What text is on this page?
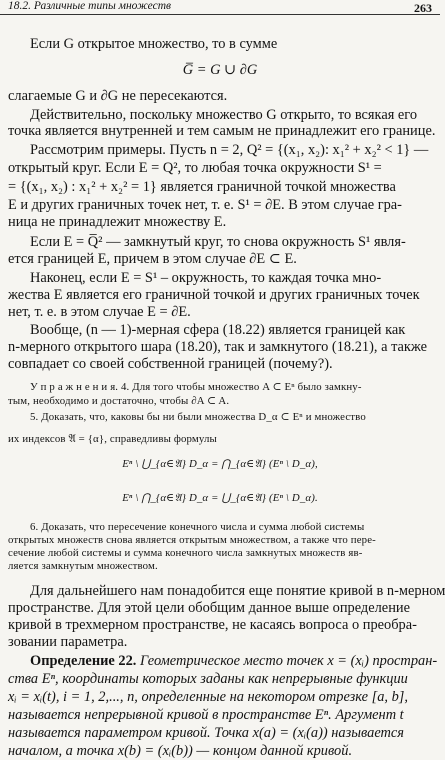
18.2. Различные типы множеств	263
Если G открытое множество, то в сумме
G̅ = G ∪ ∂G
слагаемые G и ∂G не пересекаются.
Действительно, поскольку множество G открыто, то всякая его
точка является внутренней и тем самым не принадлежит его границе.
Рассмотрим примеры. Пусть n = 2, Q² = {(x₁, x₂): x₁² + x₂² < 1} —
открытый круг. Если E = Q², то любая точка окружности S¹ =
= {(x₁, x₂) : x₁² + x₂² = 1} является граничной точкой множества
E и других граничных точек нет, т. е. S¹ = ∂E. В этом случае гра-
ница не принадлежит множеству E.
Если E = Q̅² — замкнутый круг, то снова окружность S¹ явля-
ется границей E, причем в этом случае ∂E ⊂ E.
Наконец, если E = S¹ – окружность, то каждая точка мно-
жества E является его граничной точкой и других граничных точек
нет, т. е. в этом случае E = ∂E.
Вообще, (n — 1)-мерная сфера (18.22) является границей как
n-мерного открытого шара (18.20), так и замкнутого (18.21), а также
совпадает со своей собственной границей (почему?).
У п р а ж н е н и я. 4. Для того чтобы множество A ⊂ Eⁿ было замкну-
тым, необходимо и достаточно, чтобы ∂A ⊂ A.
5. Доказать, что, каковы бы ни были множества D_α ⊂ Eⁿ и множество
их индексов 𝔄 = {α}, справедливы формулы
Eⁿ \ ⋃_{α∈𝔄} D_α = ⋂_{α∈𝔄} (Eⁿ \ D_α),
Eⁿ \ ⋂_{α∈𝔄} D_α = ⋃_{α∈𝔄} (Eⁿ \ D_α).
6. Доказать, что пересечение конечного числа и сумма любой системы
открытых множеств снова является открытым множеством, а также что пере-
сечение любой системы и сумма конечного числа замкнутых множеств яв-
ляется замкнутым множеством.
Для дальнейшего нам понадобится еще понятие кривой в n-мерном
пространстве. Для этой цели обобщим данное выше определение
кривой в трехмерном пространстве, не касаясь вопроса о преобра-
зовании параметра.
Определение 22. Геометрическое место точек x = (xᵢ) простран-
ства Eⁿ, координаты которых заданы как непрерывные функции
xᵢ = xᵢ(t), i = 1, 2,..., n, определенные на некотором отрезке [a, b],
называется непрерывной кривой в пространстве Eⁿ. Аргумент t
называется параметром кривой. Точка x(a) = (xᵢ(a)) называется
началом, а точка x(b) = (xᵢ(b)) — концом данной кривой.
